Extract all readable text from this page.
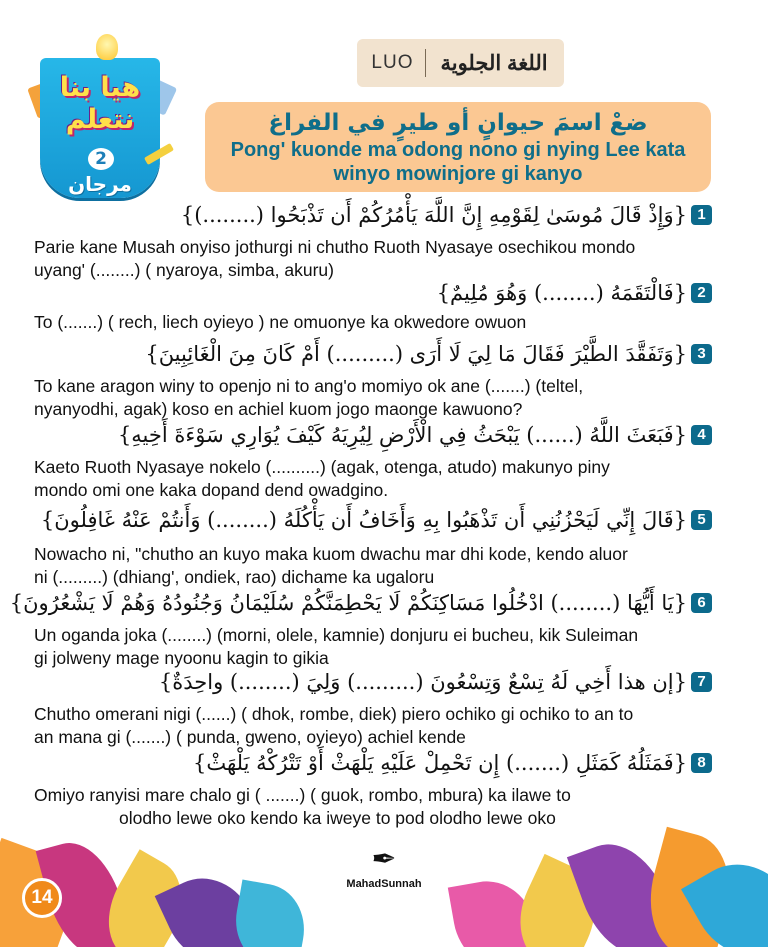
هيا بنا نتعلم
2
مرجان
LUO	اللغة الجلوية
ضعْ اسمَ حيوانٍ أو طيرٍ في الفراغ
Pong' kuonde ma odong nono gi nying Lee kata
winyo mowinjore gi kanyo
1
{وَإِذْ قَالَ مُوسَىٰ لِقَوْمِهِ إِنَّ اللَّهَ يَأْمُرُكُمْ أَن تَذْبَحُوا (........)}
Parie kane Musah onyiso jothurgi ni chutho Ruoth Nyasaye osechikou mondo
uyang' (........) ( nyaroya, simba, akuru)
2
{فَالْتَقَمَهُ (........) وَهُوَ مُلِيمٌ}
To (.......) ( rech, liech oyieyo ) ne omuonye ka okwedore owuon
3
{وَتَفَقَّدَ الطَّيْرَ فَقَالَ مَا لِيَ لَا أَرَى (.........) أَمْ كَانَ مِنَ الْغَائِبِينَ}
To kane aragon winy to openjo ni to ang'o momiyo ok ane (.......) (teltel,
nyanyodhi, agak) koso en achiel kuom jogo maonge kawuono?
4
{فَبَعَثَ اللَّهُ (......) يَبْحَثُ فِي الْأَرْضِ لِيُرِيَهُ كَيْفَ يُوَارِي سَوْءَةَ أَخِيهِ}
Kaeto Ruoth Nyasaye nokelo (..........) (agak, otenga, atudo) makunyo piny
mondo omi one kaka dopand dend owadgino.
5
{قَالَ إِنِّي لَيَحْزُنُنِي أَن تَذْهَبُوا بِهِ وَأَخَافُ أَن يَأْكُلَهُ (........) وَأَنتُمْ عَنْهُ غَافِلُونَ}
Nowacho ni, "chutho an kuyo maka kuom dwachu mar dhi kode, kendo aluor
ni (.........) (dhiang', ondiek, rao) dichame ka ugaloru
6
{يَا أَيُّهَا (........) ادْخُلُوا مَسَاكِنَكُمْ لَا يَحْطِمَنَّكُمْ سُلَيْمَانُ وَجُنُودُهُ وَهُمْ لَا يَشْعُرُونَ}
Un oganda joka (........) (morni, olele, kamnie) donjuru ei bucheu, kik Suleiman
gi jolweny mage nyoonu kagin to gikia
7
{إن هذا أَخِي لَهُ تِسْعٌ وَتِسْعُونَ (.........) وَلِيَ (........) واحِدَةٌ}
Chutho omerani nigi (......) ( dhok, rombe, diek) piero ochiko gi ochiko to an to
an mana gi (.......) ( punda, gweno, oyieyo) achiel kende
8
{فَمَثَلُهُ كَمَثَلِ (.......) إِن تَحْمِلْ عَلَيْهِ يَلْهَثْ أَوْ تَتْرُكْهُ يَلْهَثْ}
Omiyo ranyisi mare chalo gi ( .......) ( guok, rombo, mbura) ka ilawe to
olodho lewe oko kendo ka iweye to pod olodho lewe oko
14
✒
MahadSunnah
